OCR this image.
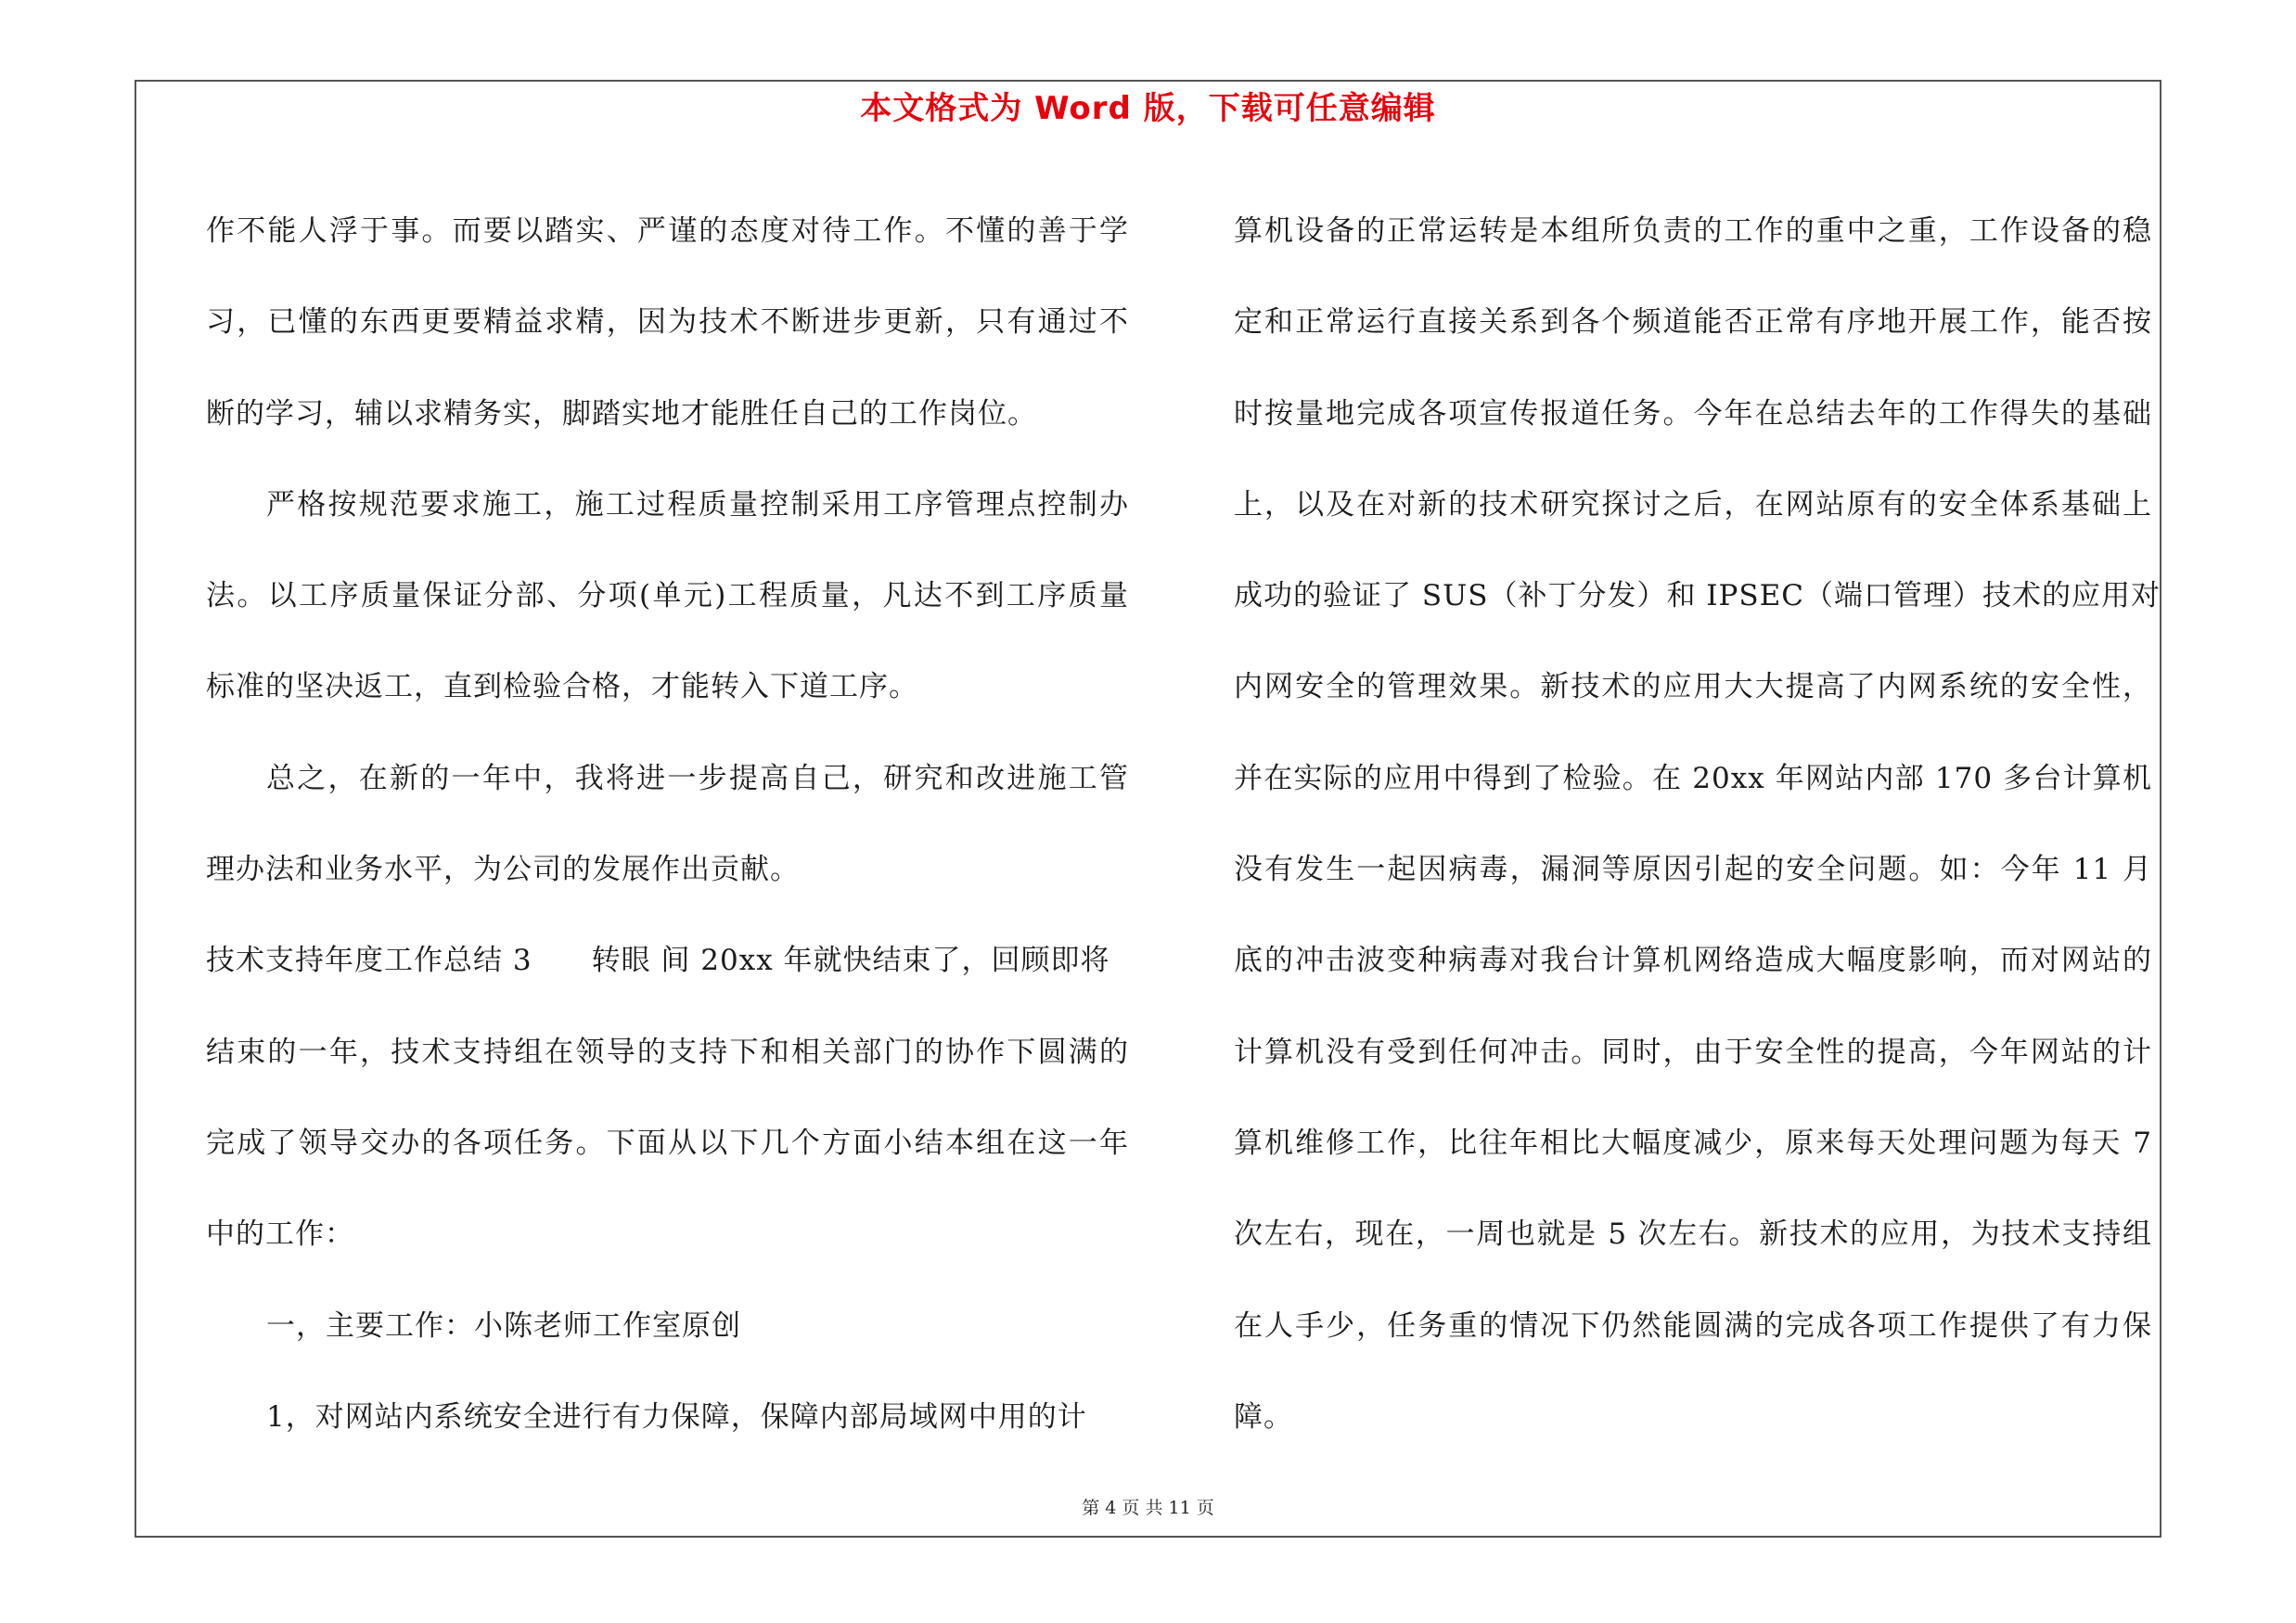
本文格式为 Word 版，下载可任意编辑
作不能人浮于事。而要以踏实、严谨的态度对待工作。不懂的善于学
习，已懂的东西更要精益求精，因为技术不断进步更新，只有通过不
断的学习，辅以求精务实，脚踏实地才能胜任自己的工作岗位。
严格按规范要求施工，施工过程质量控制采用工序管理点控制办
法。以工序质量保证分部、分项(单元)工程质量，凡达不到工序质量
标准的坚决返工，直到检验合格，才能转入下道工序。
总之，在新的一年中，我将进一步提高自己，研究和改进施工管
理办法和业务水平，为公司的发展作出贡献。
技术支持年度工作总结 3　　转眼 间 20xx 年就快结束了，回顾即将
结束的一年，技术支持组在领导的支持下和相关部门的协作下圆满的
完成了领导交办的各项任务。下面从以下几个方面小结本组在这一年
中的工作：
一，主要工作：小陈老师工作室原创
1，对网站内系统安全进行有力保障，保障内部局域网中用的计
算机设备的正常运转是本组所负责的工作的重中之重，工作设备的稳
定和正常运行直接关系到各个频道能否正常有序地开展工作，能否按
时按量地完成各项宣传报道任务。今年在总结去年的工作得失的基础
上，以及在对新的技术研究探讨之后，在网站原有的安全体系基础上
成功的验证了 SUS（补丁分发）和 IPSEC（端口管理）技术的应用对
内网安全的管理效果。新技术的应用大大提高了内网系统的安全性，
并在实际的应用中得到了检验。在 20xx 年网站内部 170 多台计算机
没有发生一起因病毒，漏洞等原因引起的安全问题。如：今年 11 月
底的冲击波变种病毒对我台计算机网络造成大幅度影响，而对网站的
计算机没有受到任何冲击。同时，由于安全性的提高，今年网站的计
算机维修工作，比往年相比大幅度减少，原来每天处理问题为每天 7
次左右，现在，一周也就是 5 次左右。新技术的应用，为技术支持组
在人手少，任务重的情况下仍然能圆满的完成各项工作提供了有力保
障。
第 4 页 共 11 页
